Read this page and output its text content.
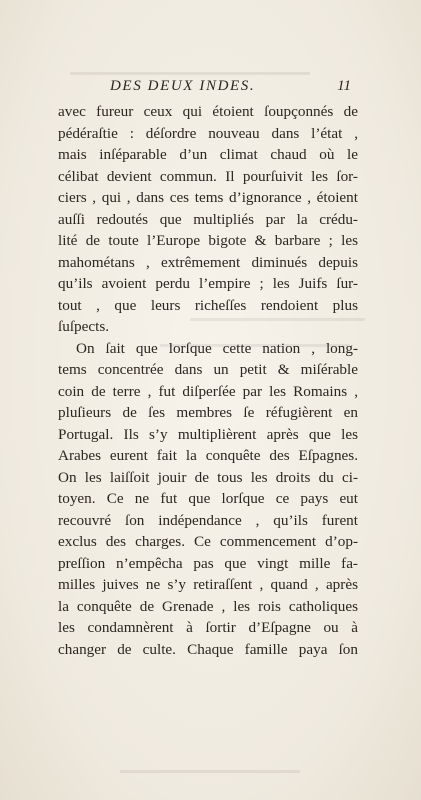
DES DEUX INDES.	11
avec fureur ceux qui étoient ſoupçonnés de
pédéraſtie : déſordre nouveau dans l’état ,
mais inſéparable d’un climat chaud où le
célibat devient commun. Il pourſuivit les ſor-
ciers , qui , dans ces tems d’ignorance , étoient
auſſi redoutés que multipliés par la crédu-
lité de toute l’Europe bigote & barbare ; les
mahométans , extrêmement diminués depuis
qu’ils avoient perdu l’empire ; les Juifs ſur-
tout , que leurs richeſſes rendoient plus
ſuſpects.
On ſait que lorſque cette nation , long-
tems concentrée dans un petit & miſérable
coin de terre , fut diſperſée par les Romains ,
pluſieurs de ſes membres ſe réfugièrent en
Portugal. Ils s’y multiplièrent après que les
Arabes eurent fait la conquête des Eſpagnes.
On les laiſſoit jouir de tous les droits du ci-
toyen. Ce ne fut que lorſque ce pays eut
recouvré ſon indépendance , qu’ils furent
exclus des charges. Ce commencement d’op-
preſſion n’empêcha pas que vingt mille fa-
milles juives ne s’y retiraſſent , quand , après
la conquête de Grenade , les rois catholiques
les condamnèrent à ſortir d’Eſpagne ou à
changer de culte. Chaque famille paya ſon
